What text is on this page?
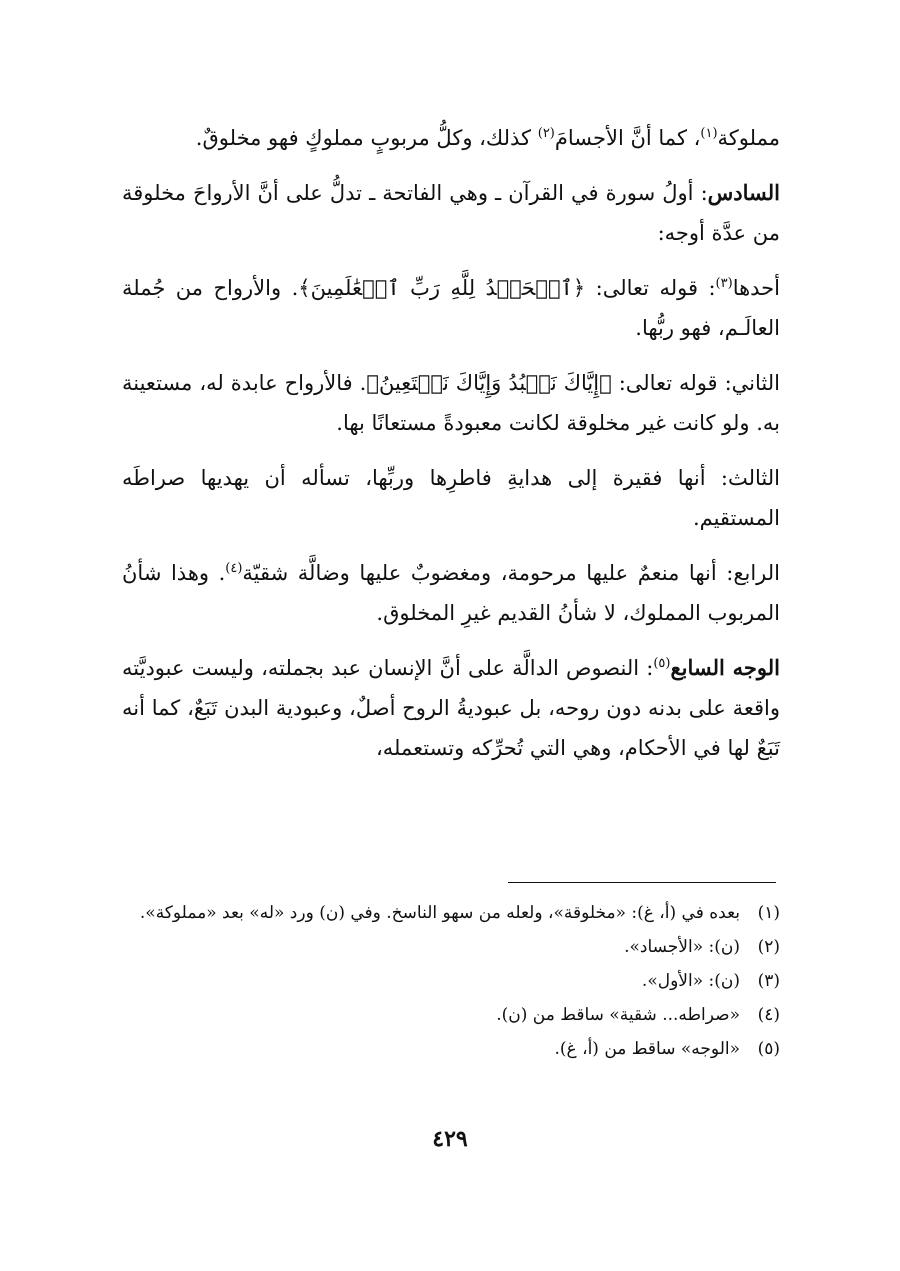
مملوكة$^{(١)}$، كما أنَّ الأجسامَ$^{(٢)}$ كذلك، وكلُّ مربوبٍ مملوكٍ فهو مخلوقٌ.

السادس: أولُ سورة في القرآن ـ وهي الفاتحة ـ تدلُّ على أنَّ الأرواحَ مخلوقة من عدَّة أوجه:

أحدها$^{(٣)}$: قوله تعالى: ﴿ٱلۡحَمۡدُ لِلَّهِ رَبِّ ٱلۡعَٰلَمِينَ﴾. والأرواح من جُملة العالَـم، فهو ربُّها.

الثاني: قوله تعالى: ﴿إِيَّاكَ نَعۡبُدُ وَإِيَّاكَ نَسۡتَعِينُ﴾. فالأرواح عابدة له، مستعينة به. ولو كانت غير مخلوقة لكانت معبودةً مستعانًا بها.

الثالث: أنها فقيرة إلى هدايةِ فاطرِها وربِّها، تسأله أن يهديها صراطَه المستقيم.

الرابع: أنها منعمٌ عليها مرحومة، ومغضوبٌ عليها وضالَّة شقيّة$^{(٤)}$. وهذا شأنُ المربوب المملوك، لا شأنُ القديم غيرِ المخلوق.

الوجه السابع$^{(٥)}$: النصوص الدالَّة على أنَّ الإنسان عبد بجملته، وليست عبوديَّته واقعة على بدنه دون روحه، بل عبوديةُ الروح أصلٌ، وعبودية البدن تَبَعٌ، كما أنه تَبَعٌ لها في الأحكام، وهي التي تُحرِّكه وتستعمله،

(١)
بعده في (أ، غ): «مخلوقة»، ولعله من سهو الناسخ. وفي (ن) ورد «له» بعد «مملوكة».
(٢)
(ن): «الأجساد».
(٣)
(ن): «الأول».
(٤)
«صراطه... شقية» ساقط من (ن).
(٥)
«الوجه» ساقط من (أ، غ).
٤٢٩
